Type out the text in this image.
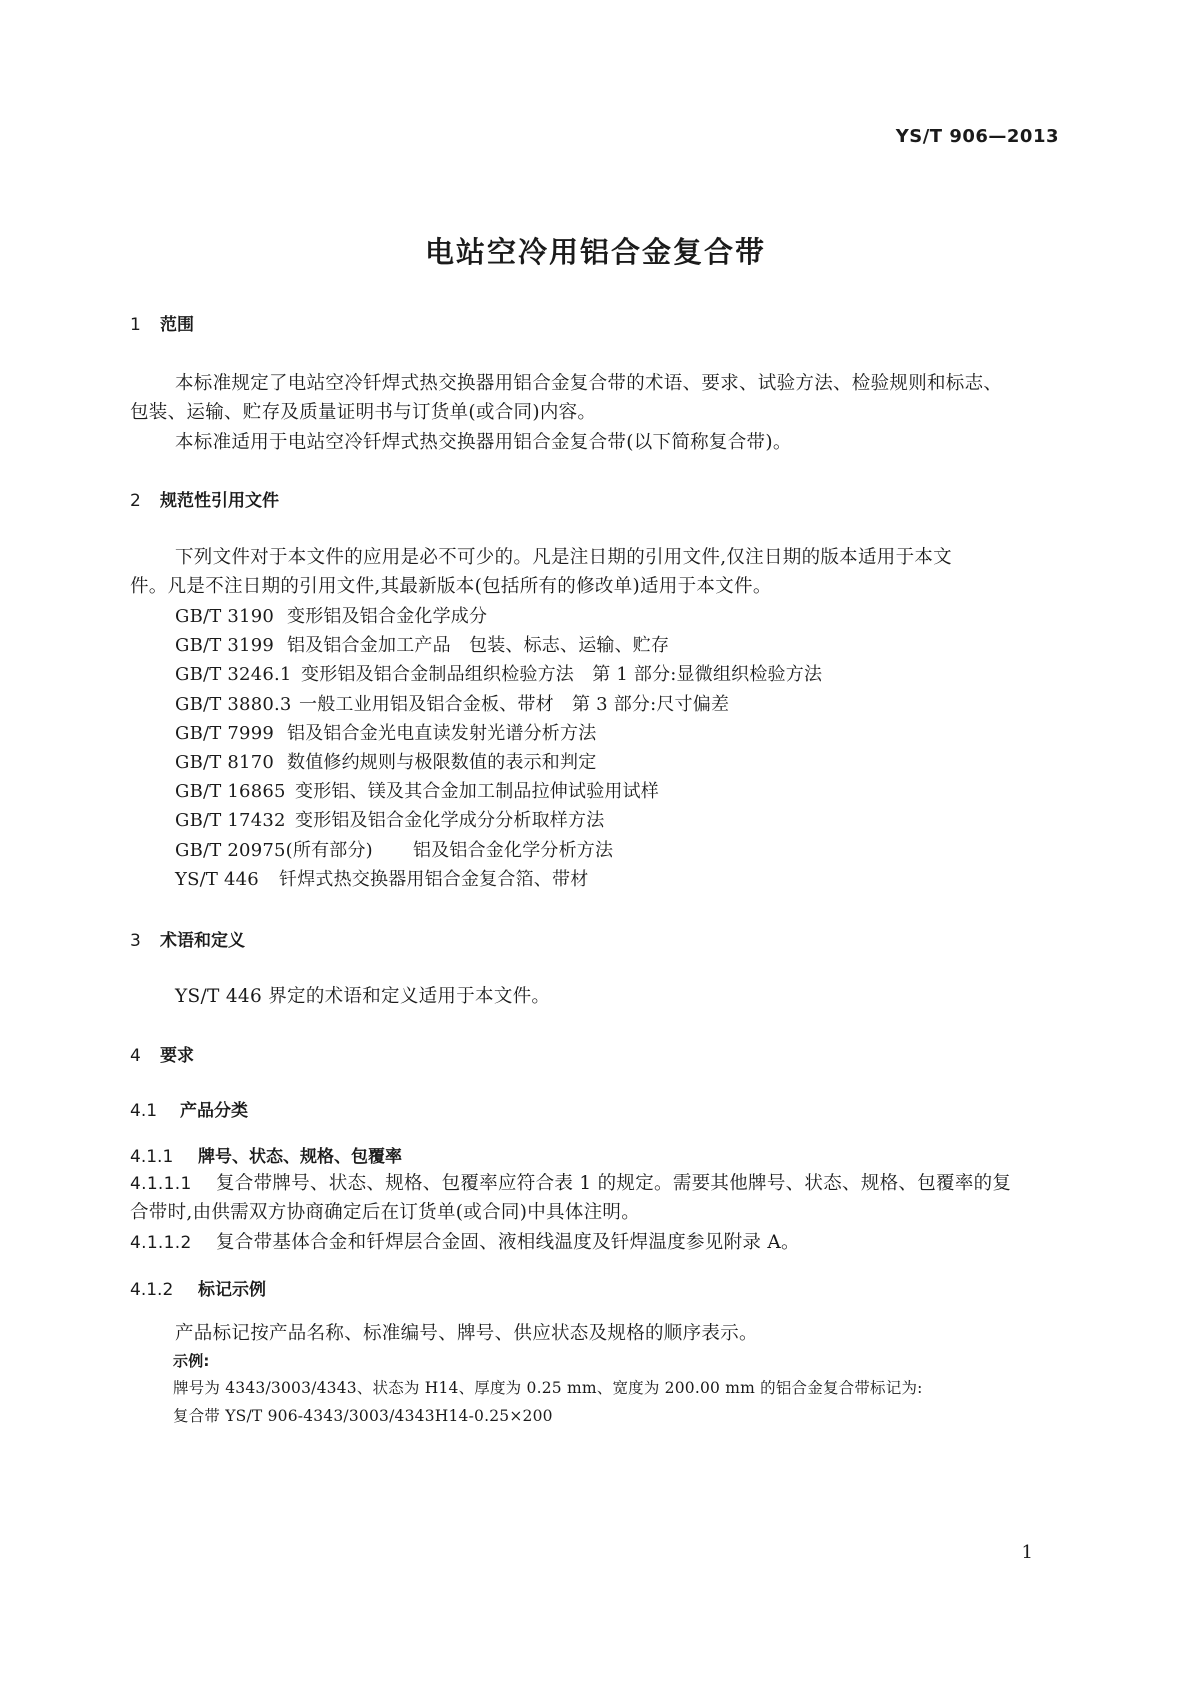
YS/T 906—2013
电站空冷用铝合金复合带
1 范围
本标准规定了电站空冷钎焊式热交换器用铝合金复合带的术语、要求、试验方法、检验规则和标志、
包装、运输、贮存及质量证明书与订货单(或合同)内容。
本标准适用于电站空冷钎焊式热交换器用铝合金复合带(以下简称复合带)。
2 规范性引用文件
下列文件对于本文件的应用是必不可少的。凡是注日期的引用文件,仅注日期的版本适用于本文
件。凡是不注日期的引用文件,其最新版本(包括所有的修改单)适用于本文件。
GB/T 3190 变形铝及铝合金化学成分
GB/T 3199 铝及铝合金加工产品　包装、标志、运输、贮存
GB/T 3246.1 变形铝及铝合金制品组织检验方法　第 1 部分:显微组织检验方法
GB/T 3880.3 一般工业用铝及铝合金板、带材　第 3 部分:尺寸偏差
GB/T 7999 铝及铝合金光电直读发射光谱分析方法
GB/T 8170 数值修约规则与极限数值的表示和判定
GB/T 16865 变形铝、镁及其合金加工制品拉伸试验用试样
GB/T 17432 变形铝及铝合金化学成分分析取样方法
GB/T 20975(所有部分) 铝及铝合金化学分析方法
YS/T 446 钎焊式热交换器用铝合金复合箔、带材
3 术语和定义
YS/T 446 界定的术语和定义适用于本文件。
4 要求
4.1 产品分类
4.1.1 牌号、状态、规格、包覆率
4.1.1.1 复合带牌号、状态、规格、包覆率应符合表 1 的规定。需要其他牌号、状态、规格、包覆率的复
合带时,由供需双方协商确定后在订货单(或合同)中具体注明。
4.1.1.2 复合带基体合金和钎焊层合金固、液相线温度及钎焊温度参见附录 A。
4.1.2 标记示例
产品标记按产品名称、标准编号、牌号、供应状态及规格的顺序表示。
示例:
牌号为 4343/3003/4343、状态为 H14、厚度为 0.25 mm、宽度为 200.00 mm 的铝合金复合带标记为:
复合带 YS/T 906-4343/3003/4343H14-0.25×200
1
